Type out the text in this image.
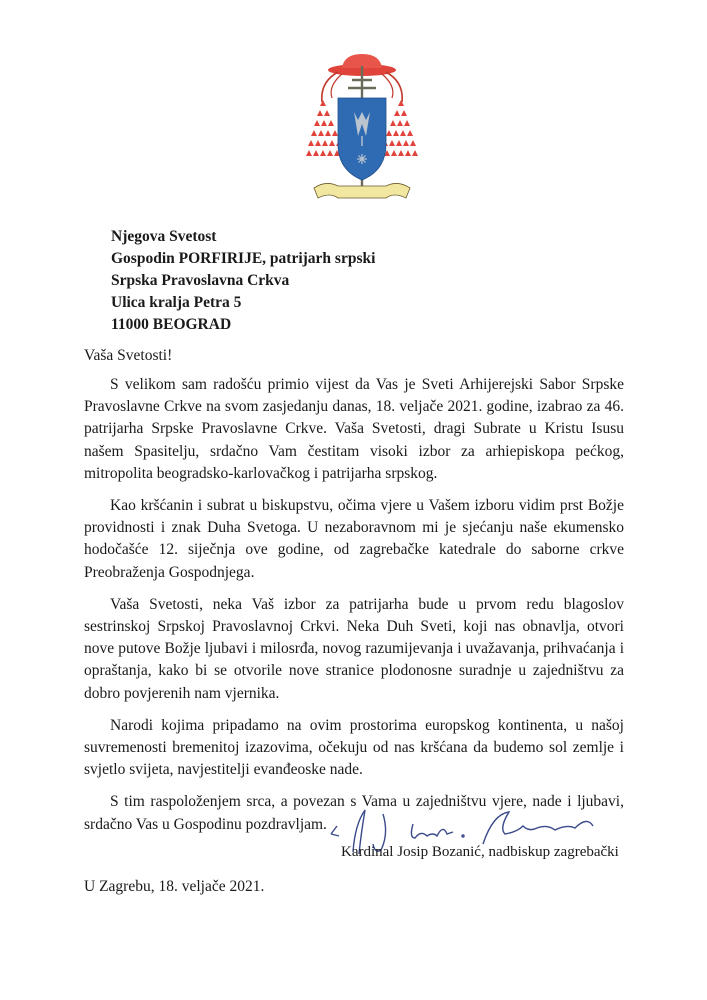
Njegova Svetost
Gospodin PORFIRIJE, patrijarh srpski
Srpska Pravoslavna Crkva
Ulica kralja Petra 5
11000 BEOGRAD
Vaša Svetosti!

S velikom sam radošću primio vijest da Vas je Sveti Arhijerejski Sabor Srpske Pravoslavne Crkve na svom zasjedanju danas, 18. veljače 2021. godine, izabrao za 46. patrijarha Srpske Pravoslavne Crkve. Vaša Svetosti, dragi Subrate u Kristu Isusu našem Spasitelju, srdačno Vam čestitam visoki izbor za arhiepiskopa pećkog, mitropolita beogradsko-karlovačkog i patrijarha srpskog.

Kao kršćanin i subrat u biskupstvu, očima vjere u Vašem izboru vidim prst Božje providnosti i znak Duha Svetoga. U nezaboravnom mi je sjećanju naše ekumensko hodočašće 12. siječnja ove godine, od zagrebačke katedrale do saborne crkve Preobraženja Gospodnjega.

Vaša Svetosti, neka Vaš izbor za patrijarha bude u prvom redu blagoslov sestrinskoj Srpskoj Pravoslavnoj Crkvi. Neka Duh Sveti, koji nas obnavlja, otvori nove putove Božje ljubavi i milosrđa, novog razumijevanja i uvažavanja, prihvaćanja i opraštanja, kako bi se otvorile nove stranice plodonosne suradnje u zajedništvu za dobro povjerenih nam vjernika.

Narodi kojima pripadamo na ovim prostorima europskog kontinenta, u našoj suvremenosti bremenitoj izazovima, očekuju od nas kršćana da budemo sol zemlje i svjetlo svijeta, navjestitelji evanđeoske nade.

S tim raspoloženjem srca, a povezan s Vama u zajedništvu vjere, nade i ljubavi, srdačno Vas u Gospodinu pozdravljam.

Kardinal Josip Bozanić, nadbiskup zagrebački
U Zagrebu, 18. veljače 2021.
